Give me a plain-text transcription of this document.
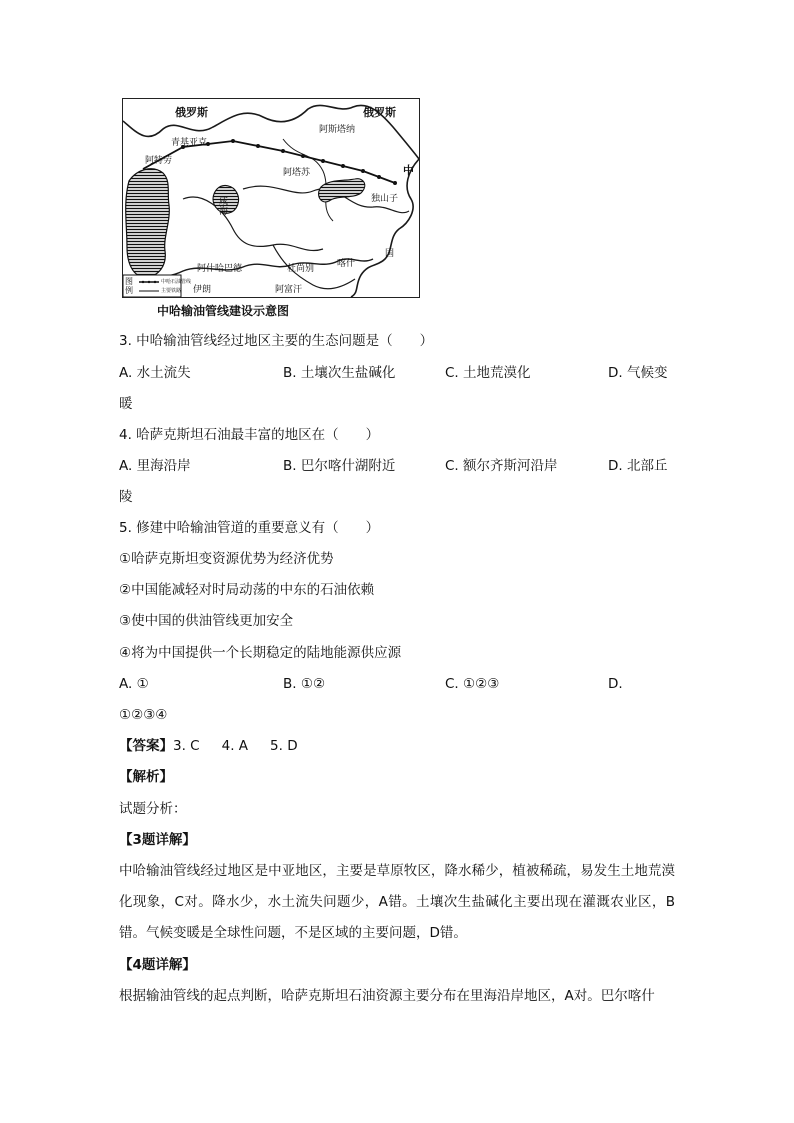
俄罗斯	俄罗斯
阿斯塔纳
青基亚克
阿特劳
阿塔苏	中
独山子
咸海
国
喀什
阿什哈巴德	杜尚别
伊朗	阿富汗
图例
中哈石油管线
主要铁路
中哈输油管线建设示意图
3. 中哈输油管线经过地区主要的生态问题是（　　）
A. 水土流失	B. 土壤次生盐碱化	C. 土地荒漠化	D. 气候变
暖
4. 哈萨克斯坦石油最丰富的地区在（　　）
A. 里海沿岸	B. 巴尔喀什湖附近	C. 额尔齐斯河沿岸	D. 北部丘
陵
5. 修建中哈输油管道的重要意义有（　　）
①哈萨克斯坦变资源优势为经济优势
②中国能减轻对时局动荡的中东的石油依赖
③使中国的供油管线更加安全
④将为中国提供一个长期稳定的陆地能源供应源
A. ①	B. ①②	C. ①②③	D.
①②③④
【答案】3. C 4. A 5. D
【解析】
试题分析：
【3题详解】
中哈输油管线经过地区是中亚地区，主要是草原牧区，降水稀少，植被稀疏，易发生土地荒漠化现象，C对。降水少，水土流失问题少，A错。土壤次生盐碱化主要出现在灌溉农业区，B错。气候变暖是全球性问题，不是区域的主要问题，D错。
【4题详解】
根据输油管线的起点判断，哈萨克斯坦石油资源主要分布在里海沿岸地区，A对。巴尔喀什
